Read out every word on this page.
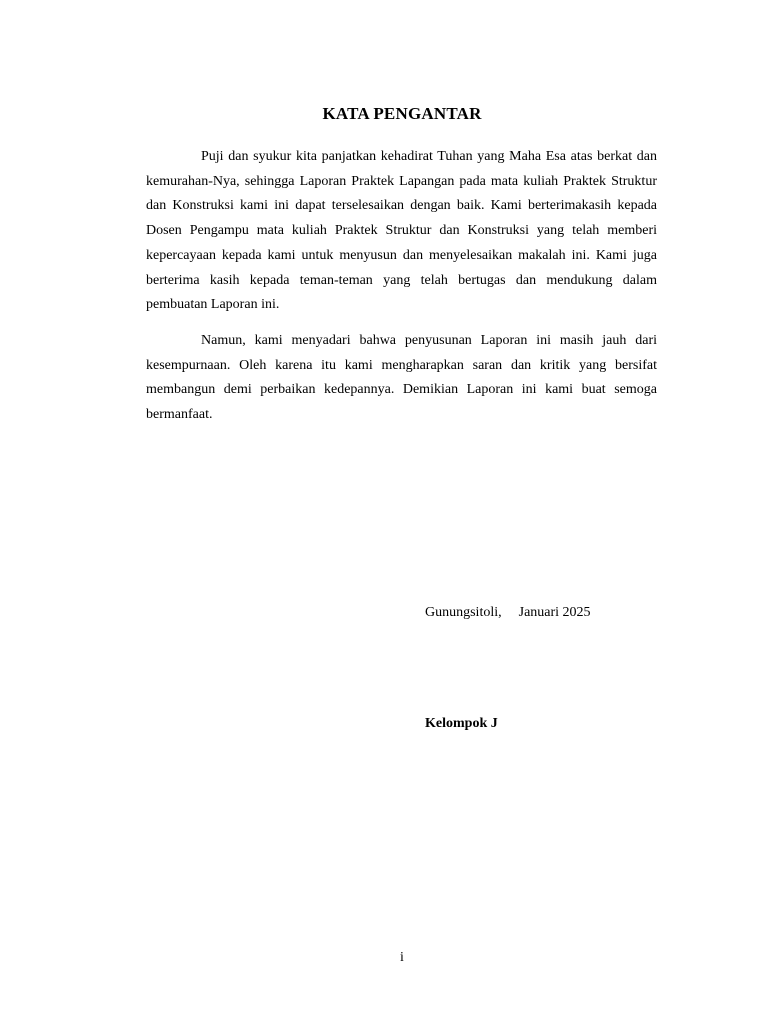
KATA PENGANTAR

Puji dan syukur kita panjatkan kehadirat Tuhan yang Maha Esa atas berkat dan kemurahan-Nya, sehingga Laporan Praktek Lapangan pada mata kuliah Praktek Struktur dan Konstruksi kami ini dapat terselesaikan dengan baik. Kami berterimakasih kepada Dosen Pengampu mata kuliah Praktek Struktur dan Konstruksi yang telah memberi kepercayaan kepada kami untuk menyusun dan menyelesaikan makalah ini. Kami juga berterima kasih kepada teman-teman yang telah bertugas dan mendukung dalam pembuatan Laporan ini.

Namun, kami menyadari bahwa penyusunan Laporan ini masih jauh dari kesempurnaan. Oleh karena itu kami mengharapkan saran dan kritik yang bersifat membangun demi perbaikan kedepannya. Demikian Laporan ini kami buat semoga bermanfaat.

Gunungsitoli, Januari 2025
Kelompok J
i
